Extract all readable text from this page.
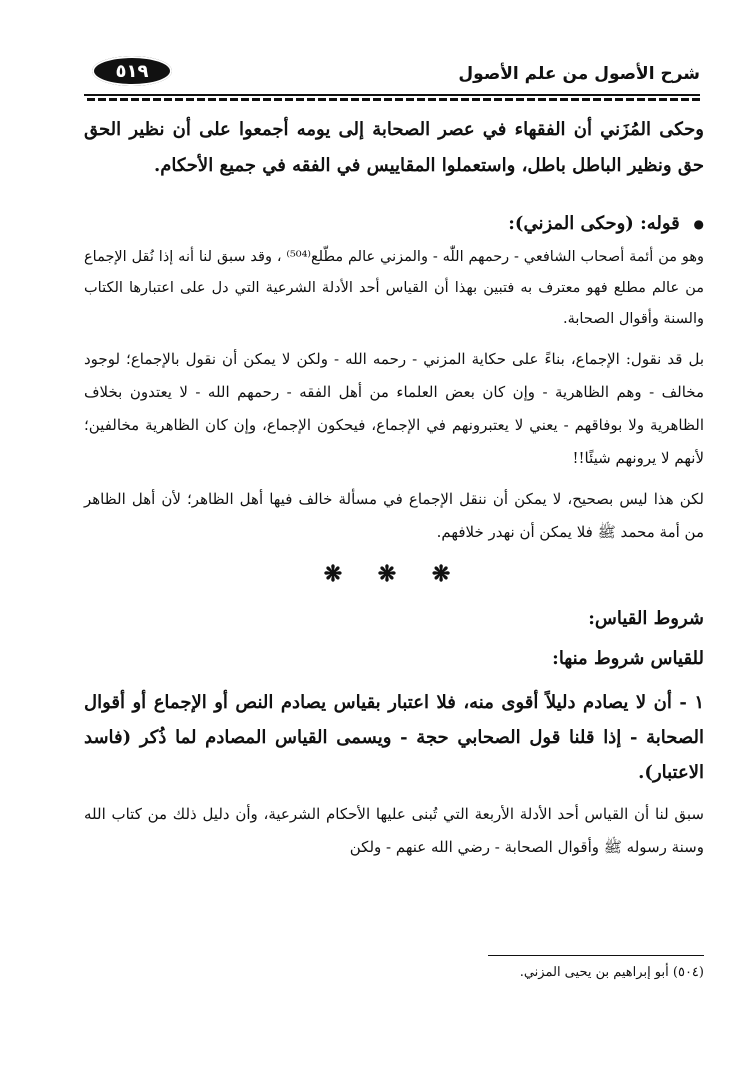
شرح الأصول من علم الأصول
٥١٩

وحكى المُزَني أن الفقهاء في عصر الصحابة إلى يومه أجمعوا على أن نظير الحق حق ونظير الباطل باطل، واستعملوا المقاييس في الفقه في جميع الأحكام.

● قوله: (وحكى المزني):

وهو من أئمة أصحاب الشافعي - رحمهم اللّٰه - والمزني عالم مطّلع⁽⁵⁰⁴⁾ ، وقد سبق لنا أنه إذا نُقل الإجماع من عالم مطلع فهو معترف به فتبين بهذا أن القياس أحد الأدلة الشرعية التي دل على اعتبارها الكتاب والسنة وأقوال الصحابة.

بل قد نقول: الإجماع، بناءً على حكاية المزني - رحمه الله - ولكن لا يمكن أن نقول بالإجماع؛ لوجود مخالف - وهم الظاهرية - وإن كان بعض العلماء من أهل الفقه - رحمهم الله - لا يعتدون بخلاف الظاهرية ولا بوفاقهم - يعني لا يعتبرونهم في الإجماع، فيحكون الإجماع، وإن كان الظاهرية مخالفين؛ لأنهم لا يرونهم شيئًا!!

لكن هذا ليس بصحيح، لا يمكن أن ننقل الإجماع في مسألة خالف فيها أهل الظاهر؛ لأن أهل الظاهر من أمة محمد ﷺ فلا يمكن أن نهدر خلافهم.

❋ ❋ ❋
شروط القياس:
للقياس شروط منها:

١ - أن لا يصادم دليلاً أقوى منه، فلا اعتبار بقياس يصادم النص أو الإجماع أو أقوال الصحابة - إذا قلنا قول الصحابي حجة - ويسمى القياس المصادم لما ذُكر (فاسد الاعتبار).

سبق لنا أن القياس أحد الأدلة الأربعة التي تُبنى عليها الأحكام الشرعية، وأن دليل ذلك من كتاب الله وسنة رسوله ﷺ وأقوال الصحابة - رضي الله عنهم - ولكن

(٥٠٤) أبو إبراهيم بن يحيى المزني.
